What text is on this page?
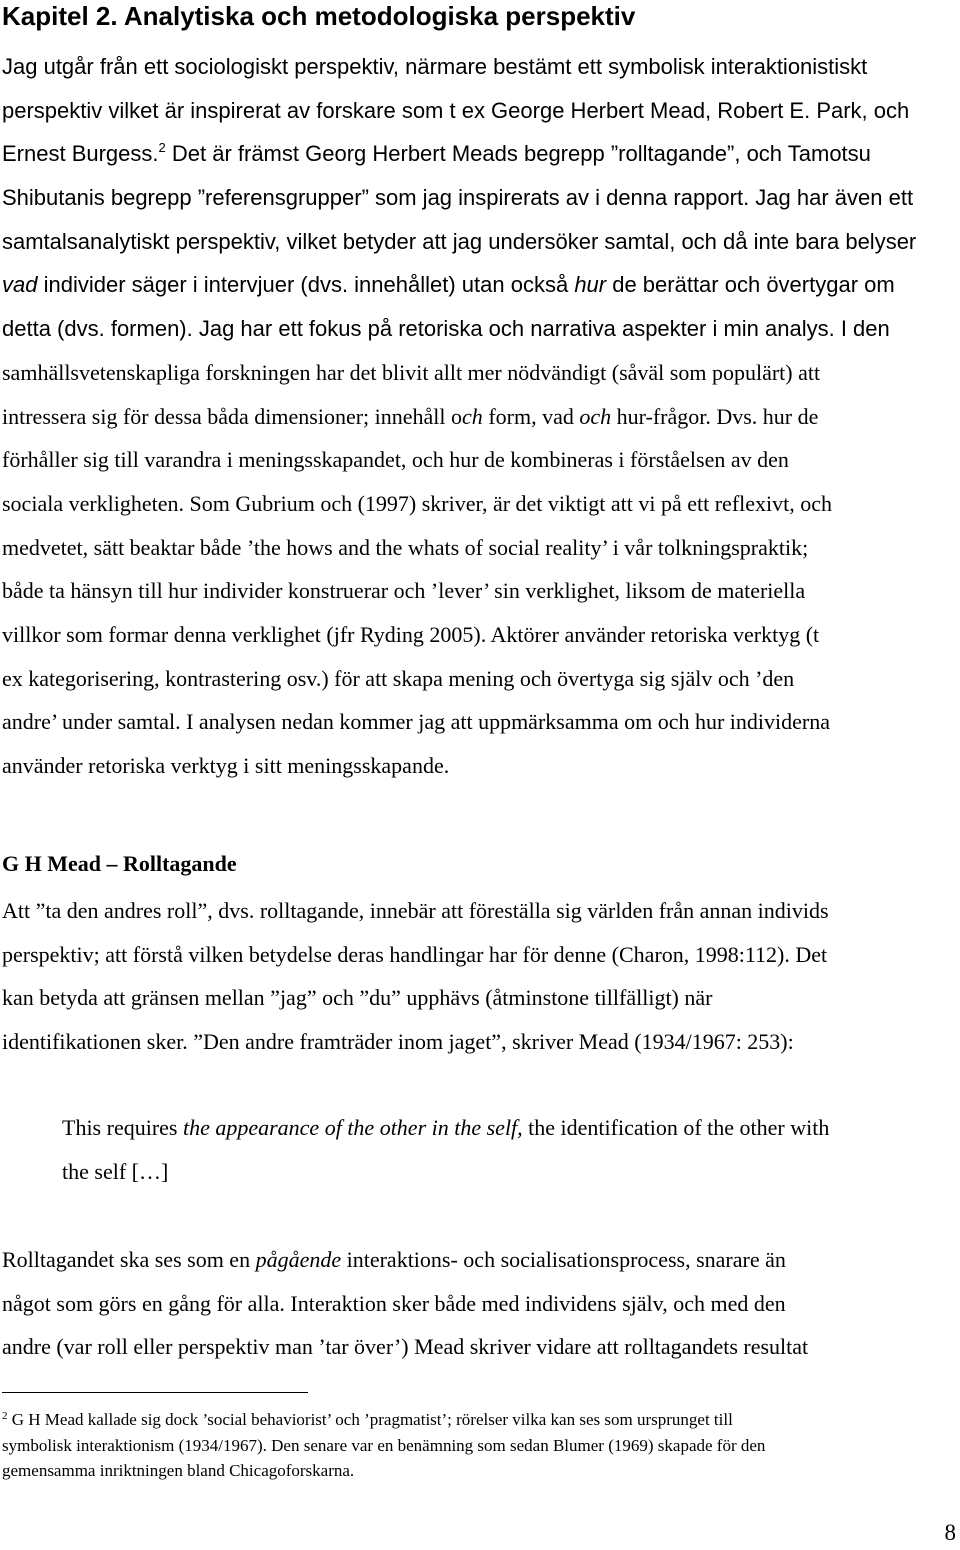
Kapitel 2. Analytiska och metodologiska perspektiv
Jag utgår från ett sociologiskt perspektiv, närmare bestämt ett symbolisk interaktionistiskt
perspektiv vilket är inspirerat av forskare som t ex George Herbert Mead, Robert E. Park, och
Ernest Burgess.$^2$ Det är främst Georg Herbert Meads begrepp ”rolltagande”, och Tamotsu
Shibutanis begrepp ”referensgrupper” som jag inspirerats av i denna rapport. Jag har även ett
samtalsanalytiskt perspektiv, vilket betyder att jag undersöker samtal, och då inte bara belyser
vad individer säger i intervjuer (dvs. innehållet) utan också hur de berättar och övertygar om
detta (dvs. formen). Jag har ett fokus på retoriska och narrativa aspekter i min analys. I den
samhällsvetenskapliga forskningen har det blivit allt mer nödvändigt (såväl som populärt) att
intressera sig för dessa båda dimensioner; innehåll och form, vad och hur-frågor. Dvs. hur de
förhåller sig till varandra i meningsskapandet, och hur de kombineras i förståelsen av den
sociala verkligheten. Som Gubrium och (1997) skriver, är det viktigt att vi på ett reflexivt, och
medvetet, sätt beaktar både ’the hows and the whats of social reality’ i vår tolkningspraktik;
både ta hänsyn till hur individer konstruerar och ’lever’ sin verklighet, liksom de materiella
villkor som formar denna verklighet (jfr Ryding 2005). Aktörer använder retoriska verktyg (t
ex kategorisering, kontrastering osv.) för att skapa mening och övertyga sig själv och ’den
andre’ under samtal. I analysen nedan kommer jag att uppmärksamma om och hur individerna
använder retoriska verktyg i sitt meningsskapande.
G H Mead – Rolltagande
Att ”ta den andres roll”, dvs. rolltagande, innebär att föreställa sig världen från annan individs
perspektiv; att förstå vilken betydelse deras handlingar har för denne (Charon, 1998:112). Det
kan betyda att gränsen mellan ”jag” och ”du” upphävs (åtminstone tillfälligt) när
identifikationen sker. ”Den andre framträder inom jaget”, skriver Mead (1934/1967: 253):
This requires the appearance of the other in the self, the identification of the other with
the self […]
Rolltagandet ska ses som en pågående interaktions- och socialisationsprocess, snarare än
något som görs en gång för alla. Interaktion sker både med individens själv, och med den
andre (var roll eller perspektiv man ’tar över’) Mead skriver vidare att rolltagandets resultat
$^2$ G H Mead kallade sig dock ’social behaviorist’ och ’pragmatist’; rörelser vilka kan ses som ursprunget till
symbolisk interaktionism (1934/1967). Den senare var en benämning som sedan Blumer (1969) skapade för den
gemensamma inriktningen bland Chicagoforskarna.
8
